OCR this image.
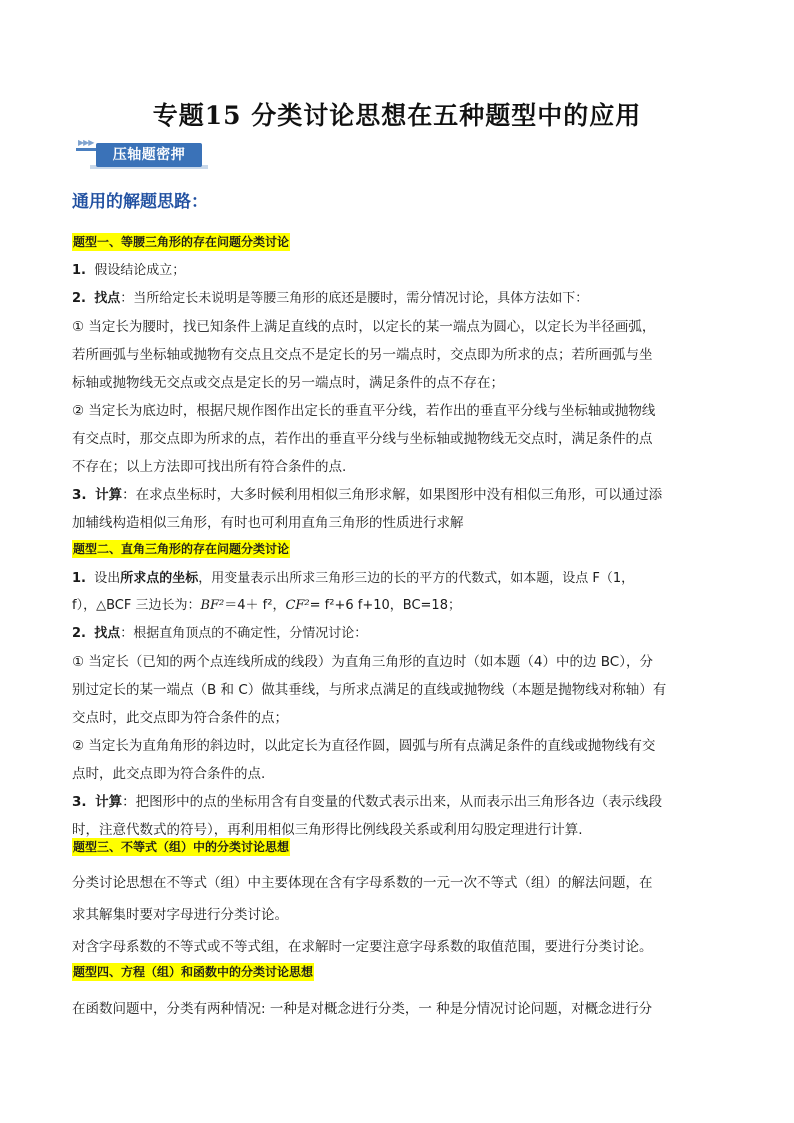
专题15 分类讨论思想在五种题型中的应用
▶▶▶
压轴题密押
通用的解题思路：
题型一、等腰三角形的存在问题分类讨论
1. 假设结论成立；
2. 找点：当所给定长未说明是等腰三角形的底还是腰时，需分情况讨论，具体方法如下：
① 当定长为腰时，找已知条件上满足直线的点时，以定长的某一端点为圆心，以定长为半径画弧，
若所画弧与坐标轴或抛物有交点且交点不是定长的另一端点时，交点即为所求的点；若所画弧与坐
标轴或抛物线无交点或交点是定长的另一端点时，满足条件的点不存在；
② 当定长为底边时，根据尺规作图作出定长的垂直平分线，若作出的垂直平分线与坐标轴或抛物线
有交点时，那交点即为所求的点，若作出的垂直平分线与坐标轴或抛物线无交点时，满足条件的点
不存在；以上方法即可找出所有符合条件的点.
3. 计算：在求点坐标时，大多时候利用相似三角形求解，如果图形中没有相似三角形，可以通过添
加辅线构造相似三角形，有时也可利用直角三角形的性质进行求解
题型二、直角三角形的存在问题分类讨论
1. 设出所求点的坐标，用变量表示出所求三角形三边的长的平方的代数式，如本题，设点 F（1，
f），△BCF 三边长为：BF²＝4＋ f²，CF²= f²+6 f+10，BC=18；
2. 找点：根据直角顶点的不确定性，分情况讨论：
① 当定长（已知的两个点连线所成的线段）为直角三角形的直边时（如本题（4）中的边 BC），分
别过定长的某一端点（B 和 C）做其垂线，与所求点满足的直线或抛物线（本题是抛物线对称轴）有
交点时，此交点即为符合条件的点；
② 当定长为直角角形的斜边时，以此定长为直径作圆，圆弧与所有点满足条件的直线或抛物线有交
点时，此交点即为符合条件的点.
3. 计算：把图形中的点的坐标用含有自变量的代数式表示出来，从而表示出三角形各边（表示线段
时，注意代数式的符号），再利用相似三角形得比例线段关系或利用勾股定理进行计算.
题型三、不等式（组）中的分类讨论思想
分类讨论思想在不等式（组）中主要体现在含有字母系数的一元一次不等式（组）的解法问题，在
求其解集时要对字母进行分类讨论。
对含字母系数的不等式或不等式组，在求解时一定要注意字母系数的取值范围，要进行分类讨论。
题型四、方程（组）和函数中的分类讨论思想
在函数问题中，分类有两种情况: 一种是对概念进行分类，一 种是分情况讨论问题，对概念进行分
